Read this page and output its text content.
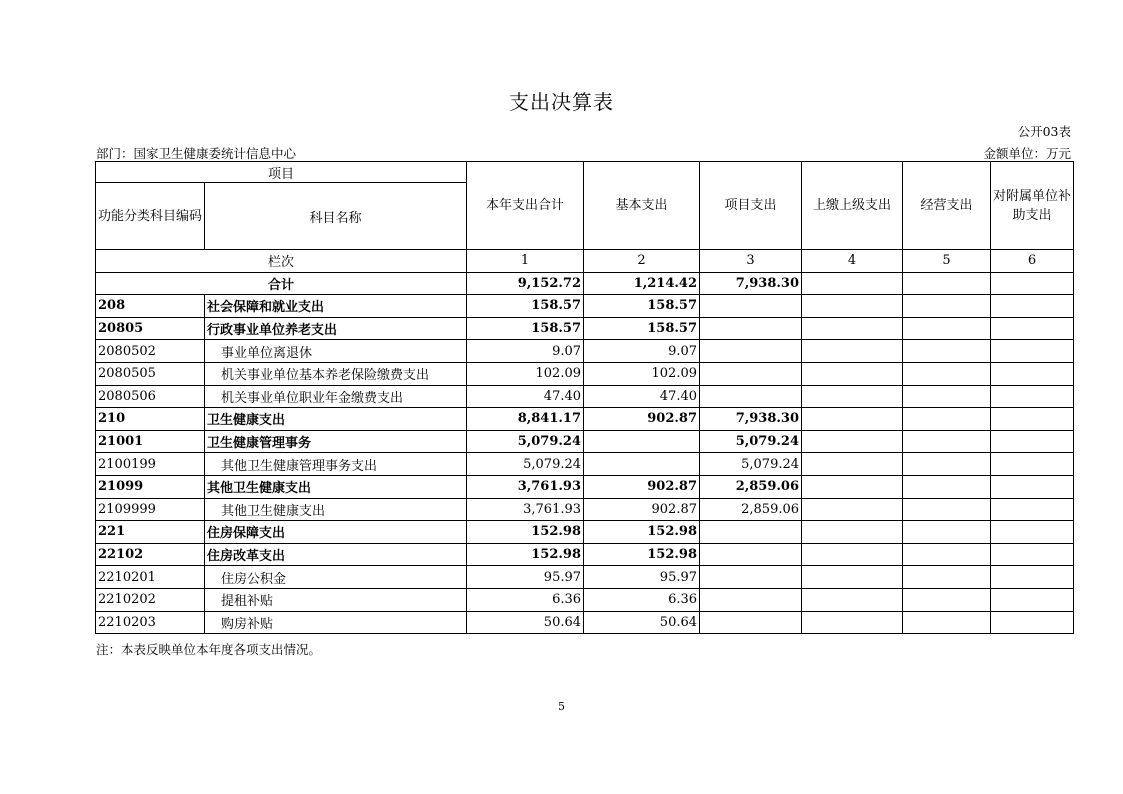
支出决算表
公开03表
部门：国家卫生健康委统计信息中心	金额单位：万元
项目		本年支出合计	基本支出	项目支出	上缴上级支出	经营支出	对附属单位补助支出
功能分类科目编码	科目名称						
栏次		1	2	3	4	5	6
合计		9,152.72	1,214.42	7,938.30			
208	社会保障和就业支出	158.57	158.57				
20805	行政事业单位养老支出	158.57	158.57				
2080502	事业单位离退休	9.07	9.07				
2080505	机关事业单位基本养老保险缴费支出	102.09	102.09				
2080506	机关事业单位职业年金缴费支出	47.40	47.40				
210	卫生健康支出	8,841.17	902.87	7,938.30			
21001	卫生健康管理事务	5,079.24		5,079.24			
2100199	其他卫生健康管理事务支出	5,079.24		5,079.24			
21099	其他卫生健康支出	3,761.93	902.87	2,859.06			
2109999	其他卫生健康支出	3,761.93	902.87	2,859.06			
221	住房保障支出	152.98	152.98				
22102	住房改革支出	152.98	152.98				
2210201	住房公积金	95.97	95.97				
2210202	提租补贴	6.36	6.36				
2210203	购房补贴	50.64	50.64				
注：本表反映单位本年度各项支出情况。
5
